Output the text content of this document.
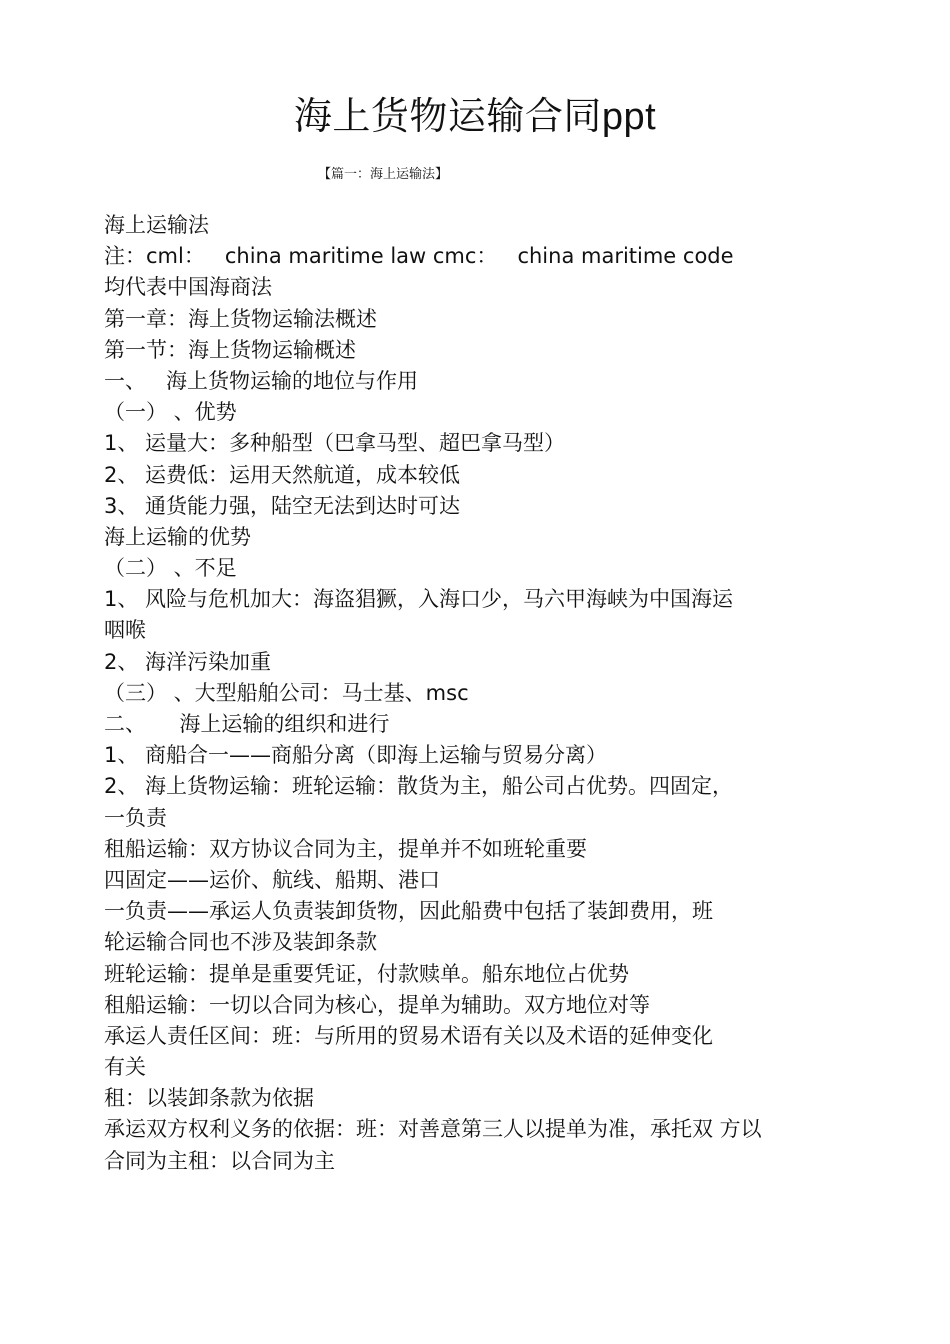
海上货物运输合同ppt
【篇一：海上运输法】
海上运输法
注：cml：   china maritime law cmc：   china maritime code
均代表中国海商法
第一章：海上货物运输法概述
第一节：海上货物运输概述
一、   海上货物运输的地位与作用
（一） 、优势
1、 运量大：多种船型（巴拿马型、超巴拿马型）
2、 运费低：运用天然航道，成本较低
3、 通货能力强，陆空无法到达时可达
海上运输的优势
（二） 、不足
1、 风险与危机加大：海盗猖獗，入海口少，马六甲海峡为中国海运
咽喉
2、 海洋污染加重
（三） 、大型船舶公司：马士基、msc
二、     海上运输的组织和进行
1、 商船合一——商船分离（即海上运输与贸易分离）
2、 海上货物运输：班轮运输：散货为主，船公司占优势。四固定，
一负责
租船运输：双方协议合同为主，提单并不如班轮重要
四固定——运价、航线、船期、港口
一负责——承运人负责装卸货物，因此船费中包括了装卸费用，班
轮运输合同也不涉及装卸条款
班轮运输：提单是重要凭证，付款赎单。船东地位占优势
租船运输：一切以合同为核心，提单为辅助。双方地位对等
承运人责任区间：班：与所用的贸易术语有关以及术语的延伸变化
有关
租：以装卸条款为依据
承运双方权利义务的依据：班：对善意第三人以提单为准，承托双 方以
合同为主租：以合同为主
